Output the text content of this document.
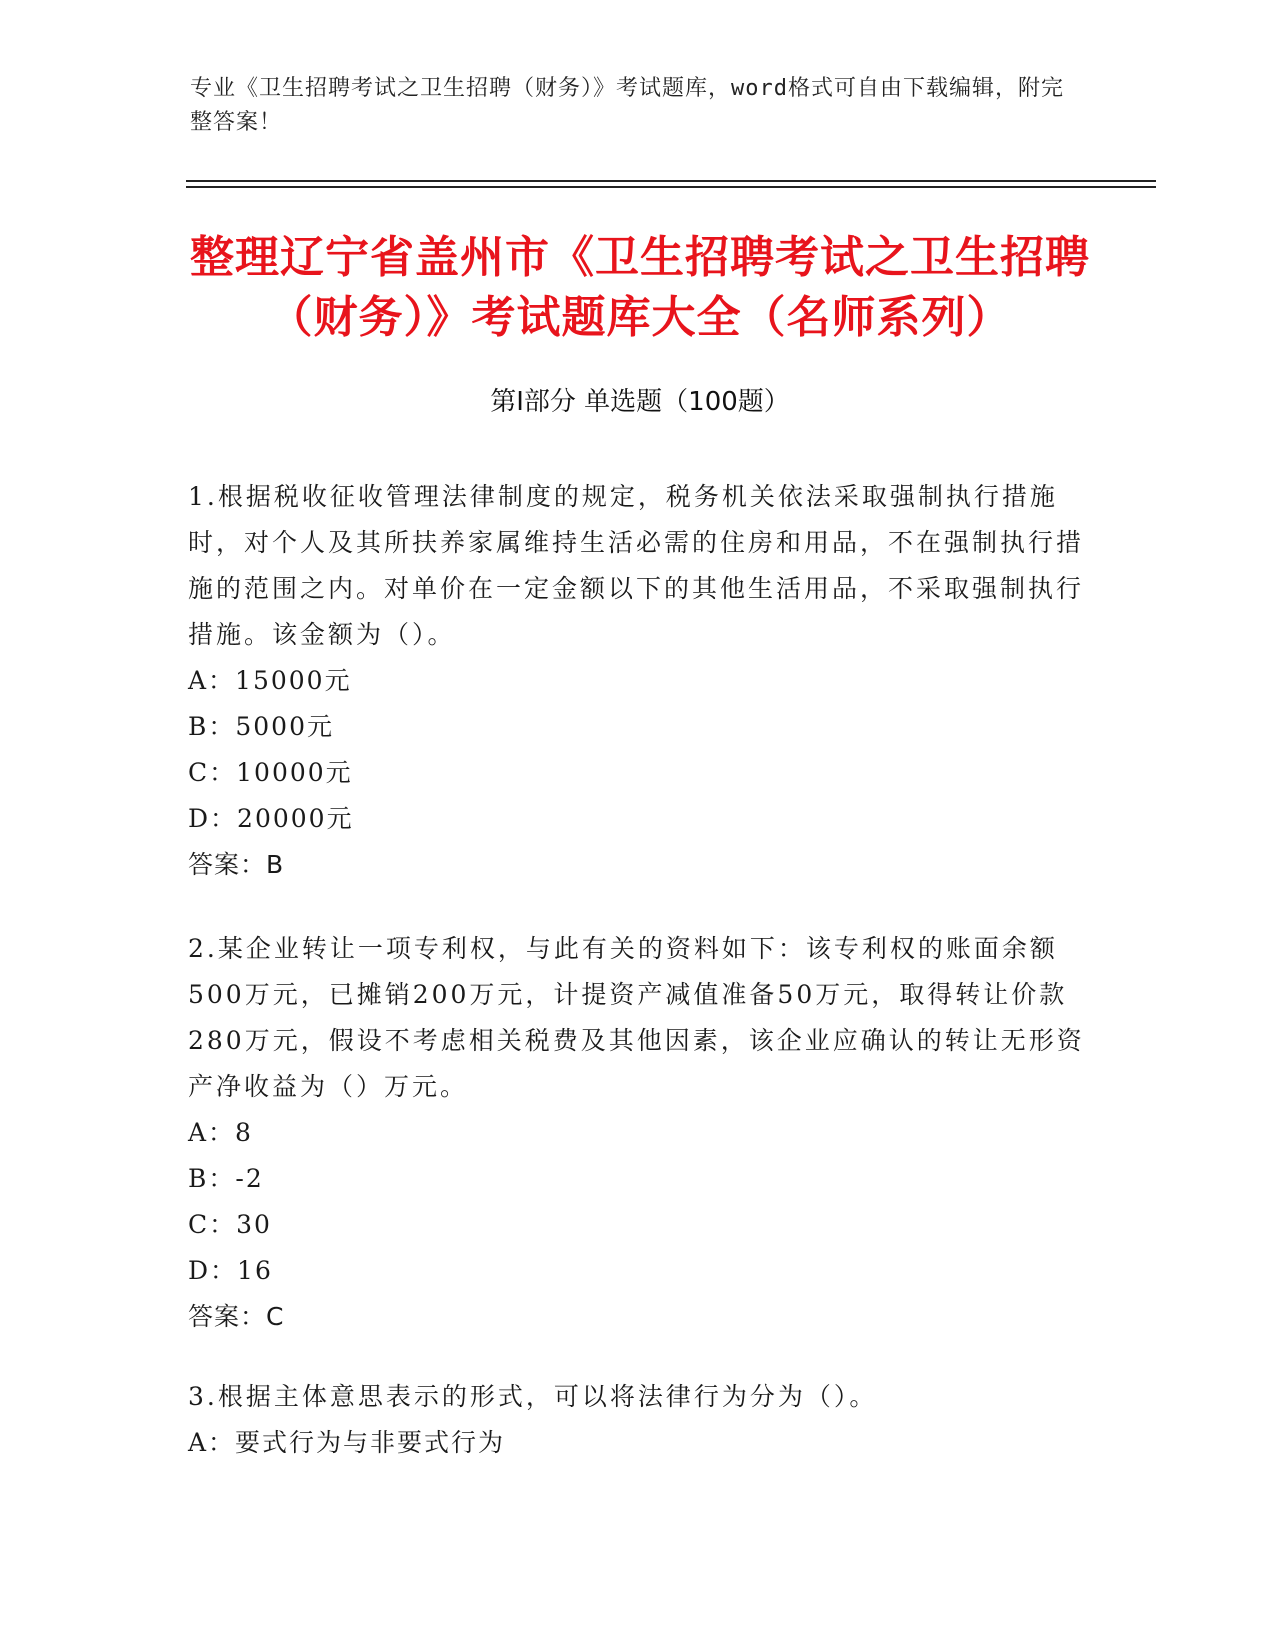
专业《卫生招聘考试之卫生招聘（财务）》考试题库，word格式可自由下载编辑，附完整答案！
整理辽宁省盖州市《卫生招聘考试之卫生招聘（财务）》考试题库大全（名师系列）
第I部分 单选题（100题）

1.根据税收征收管理法律制度的规定，税务机关依法采取强制执行措施时，对个人及其所扶养家属维持生活必需的住房和用品，不在强制执行措施的范围之内。对单价在一定金额以下的其他生活用品，不采取强制执行措施。该金额为（）。

A：15000元

B：5000元

C：10000元

D：20000元

答案：B

2.某企业转让一项专利权，与此有关的资料如下：该专利权的账面余额500万元，已摊销200万元，计提资产减值准备50万元，取得转让价款280万元，假设不考虑相关税费及其他因素，该企业应确认的转让无形资产净收益为（）万元。

A：8

B：-2

C：30

D：16

答案：C

3.根据主体意思表示的形式，可以将法律行为分为（）。

A：要式行为与非要式行为
